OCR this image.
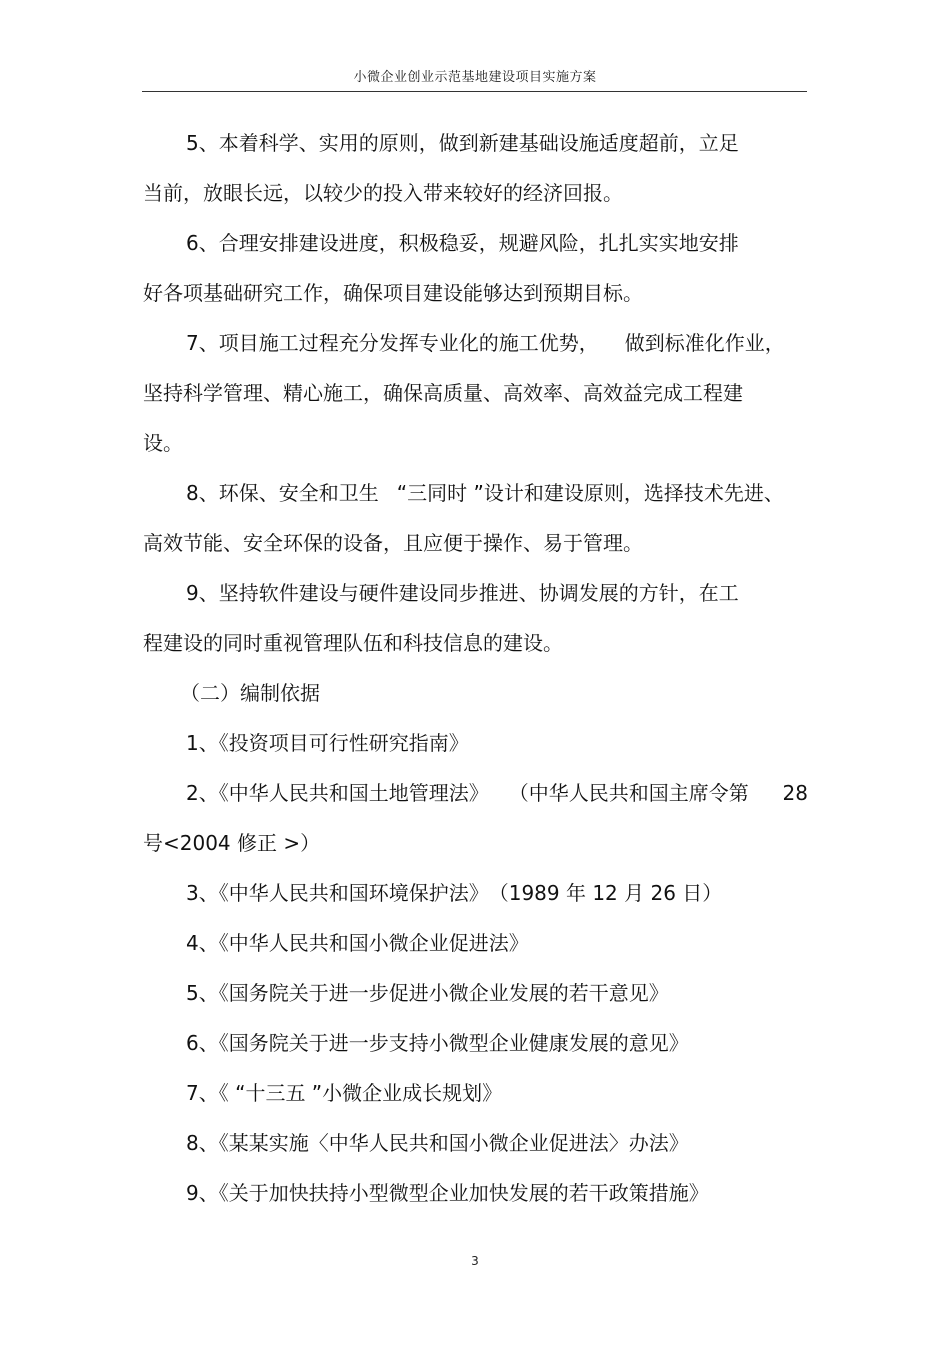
小微企业创业示范基地建设项目实施方案
5、本着科学、实用的原则，做到新建基础设施适度超前，立足
当前，放眼长远，以较少的投入带来较好的经济回报。
6、合理安排建设进度，积极稳妥，规避风险，扎扎实实地安排
好各项基础研究工作，确保项目建设能够达到预期目标。
7、项目施工过程充分发挥专业化的施工优势， 做到标准化作业，
坚持科学管理、精心施工，确保高质量、高效率、高效益完成工程建
设。
8、环保、安全和卫生 “三同时 ”设计和建设原则，选择技术先进、
高效节能、安全环保的设备，且应便于操作、易于管理。
9、坚持软件建设与硬件建设同步推进、协调发展的方针，在工
程建设的同时重视管理队伍和科技信息的建设。
（二）编制依据
1、《投资项目可行性研究指南》
2、《中华人民共和国土地管理法》 （中华人民共和国主席令第 28
号<2004 修正 >）
3、《中华人民共和国环境保护法》　（1989 年 12 月 26 日）
4、《中华人民共和国小微企业促进法》
5、《国务院关于进一步促进小微企业发展的若干意见》
6、《国务院关于进一步支持小微型企业健康发展的意见》
7、《 “十三五 ”小微企业成长规划》
8、《某某实施〈中华人民共和国小微企业促进法〉办法》
9、《关于加快扶持小型微型企业加快发展的若干政策措施》
3
